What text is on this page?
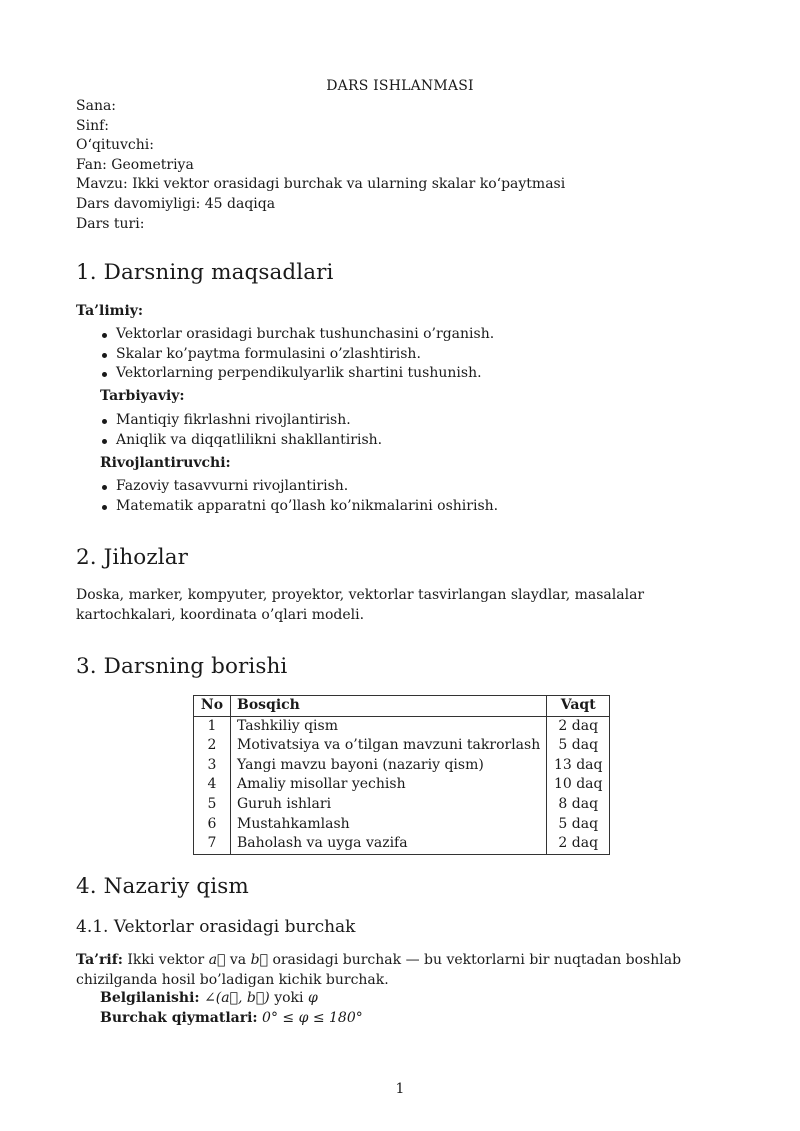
DARS ISHLANMASI
Sana:
Sinf:
O‘qituvchi:
Fan: Geometriya
Mavzu: Ikki vektor orasidagi burchak va ularning skalar ko‘paytmasi
Dars davomiyligi: 45 daqiqa
Dars turi:
1. Darsning maqsadlari
Ta’limiy:
Vektorlar orasidagi burchak tushunchasini o’rganish.
Skalar ko’paytma formulasini o’zlashtirish.
Vektorlarning perpendikulyarlik shartini tushunish.
Tarbiyaviy:
Mantiqiy fikrlashni rivojlantirish.
Aniqlik va diqqatlilikni shakllantirish.
Rivojlantiruvchi:
Fazoviy tasavvurni rivojlantirish.
Matematik apparatni qo’llash ko’nikmalarini oshirish.
2. Jihozlar
Doska, marker, kompyuter, proyektor, vektorlar tasvirlangan slaydlar, masalalar kartochkalari, koordinata o’qlari modeli.
3. Darsning borishi
No	Bosqich	Vaqt
1	Tashkiliy qism	2 daq
2	Motivatsiya va o’tilgan mavzuni takrorlash	5 daq
3	Yangi mavzu bayoni (nazariy qism)	13 daq
4	Amaliy misollar yechish	10 daq
5	Guruh ishlari	8 daq
6	Mustahkamlash	5 daq
7	Baholash va uyga vazifa	2 daq
4. Nazariy qism
4.1. Vektorlar orasidagi burchak
Ta’rif: Ikki vektor a⃗ va b⃗ orasidagi burchak — bu vektorlarni bir nuqtadan boshlab chizilganda hosil bo’ladigan kichik burchak.
Belgilanishi: ∠(a⃗, b⃗) yoki φ
Burchak qiymatlari: 0° ≤ φ ≤ 180°
1
